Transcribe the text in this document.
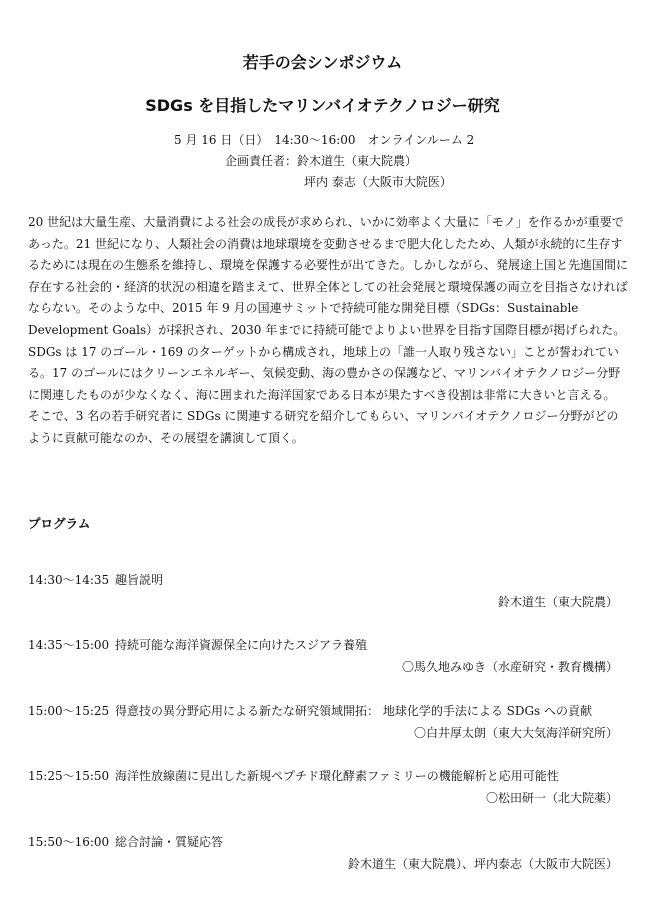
若手の会シンポジウム
SDGs を目指したマリンバイオテクノロジー研究
5 月 16 日（日）　14:30～16:00　オンラインルーム 2
企画責任者：鈴木道生（東大院農）
坪内 泰志（大阪市大院医）

20 世紀は大量生産、大量消費による社会の成長が求められ、いかに効率よく大量に「モノ」を作るかが重要であった。21 世紀になり、人類社会の消費は地球環境を変動させるまで肥大化したため、人類が永続的に生存するためには現在の生態系を維持し、環境を保護する必要性が出てきた。しかしながら、発展途上国と先進国間に存在する社会的・経済的状況の相違を踏まえて、世界全体としての社会発展と環境保護の両立を目指さなければならない。そのような中、2015 年 9 月の国連サミットで持続可能な開発目標（SDGs：Sustainable Development Goals）が採択され、2030 年までに持続可能でよりよい世界を目指す国際目標が掲げられた。SDGs は 17 のゴール・169 のターゲットから構成され，地球上の「誰一人取り残さない」ことが誓われている。17 のゴールにはクリーンエネルギー、気候変動、海の豊かさの保護など、マリンバイオテクノロジー分野に関連したものが少なくなく、海に囲まれた海洋国家である日本が果たすべき役割は非常に大きいと言える。

そこで、3 名の若手研究者に SDGs に関連する研究を紹介してもらい、マリンバイオテクノロジー分野がどのように貢献可能なのか、その展望を講演して頂く。

プログラム
14:30～14:35 趣旨説明
鈴木道生（東大院農）
14:35～15:00 持続可能な海洋資源保全に向けたスジアラ養殖
〇馬久地みゆき（水産研究・教育機構）
15:00～15:25 得意技の異分野応用による新たな研究領域開拓： 地球化学的手法による SDGs への貢献
〇白井厚太朗（東大大気海洋研究所）
15:25～15:50 海洋性放線菌に見出した新規ペプチド環化酵素ファミリーの機能解析と応用可能性
〇松田研一（北大院薬）
15:50～16:00 総合討論・質疑応答
鈴木道生（東大院農）、坪内泰志（大阪市大院医）
